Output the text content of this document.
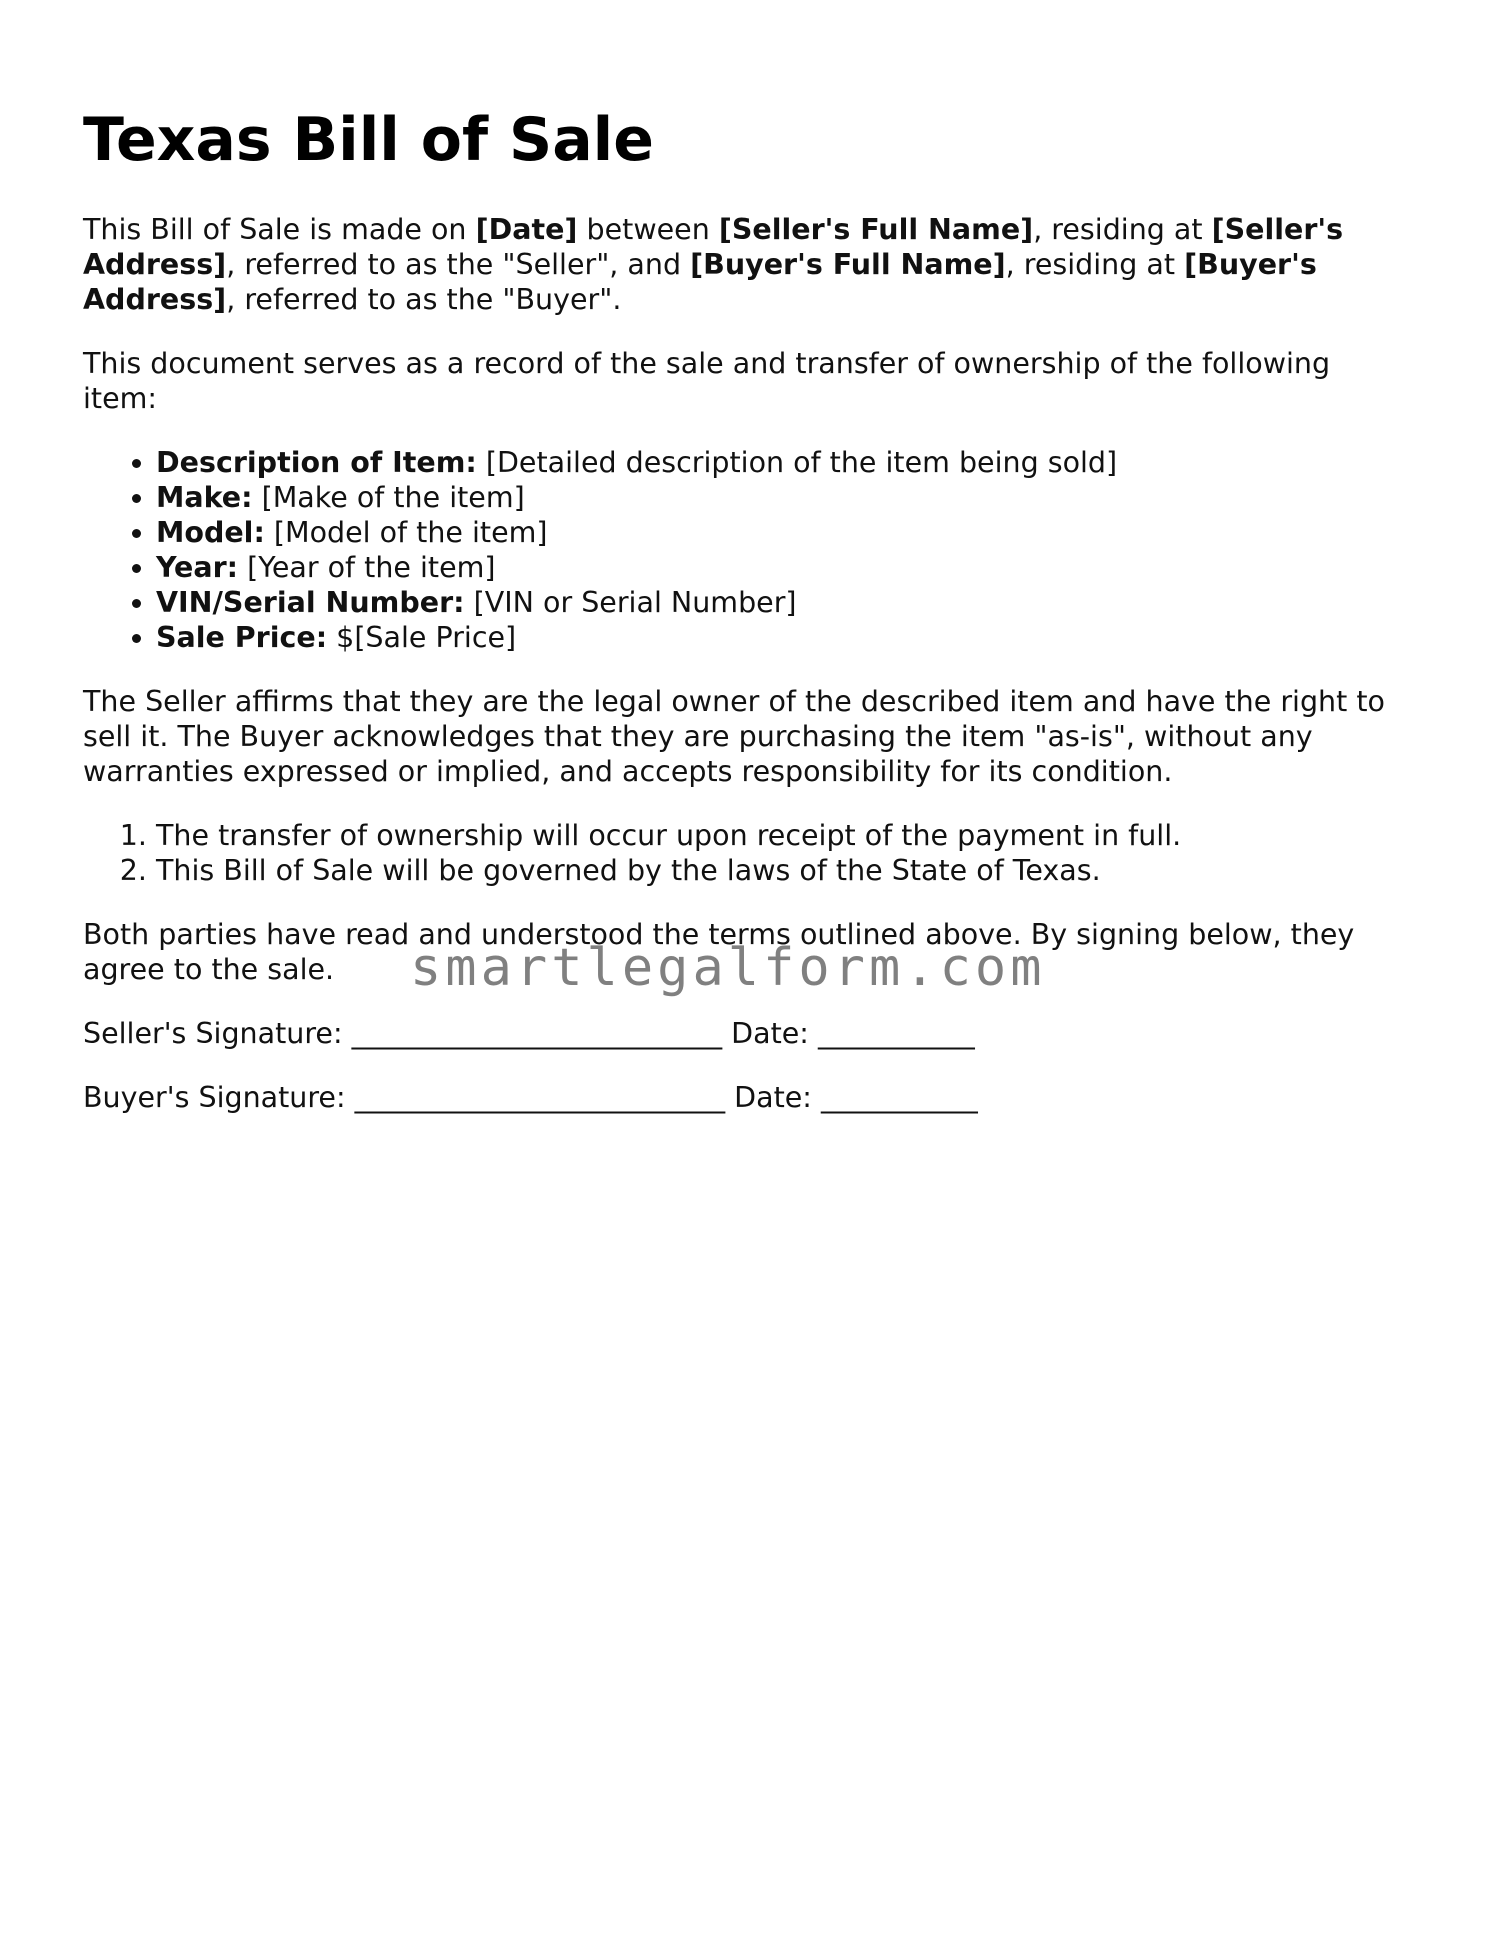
Texas Bill of Sale

This Bill of Sale is made on [Date] between [Seller's Full Name], residing at [Seller's Address], referred to as the "Seller", and [Buyer's Full Name], residing at [Buyer's Address], referred to as the "Buyer".

This document serves as a record of the sale and transfer of ownership of the following item:

• Description of Item: [Detailed description of the item being sold]
• Make: [Make of the item]
• Model: [Model of the item]
• Year: [Year of the item]
• VIN/Serial Number: [VIN or Serial Number]
• Sale Price: $[Sale Price]

The Seller affirms that they are the legal owner of the described item and have the right to sell it. The Buyer acknowledges that they are purchasing the item "as-is", without any warranties expressed or implied, and accepts responsibility for its condition.

1. The transfer of ownership will occur upon receipt of the payment in full.
2. This Bill of Sale will be governed by the laws of the State of Texas.

Both parties have read and understood the terms outlined above. By signing below, they agree to the sale.

Seller's Signature: __________________________ Date: ___________
Buyer's Signature: __________________________ Date: ___________
smartlegalform.com
